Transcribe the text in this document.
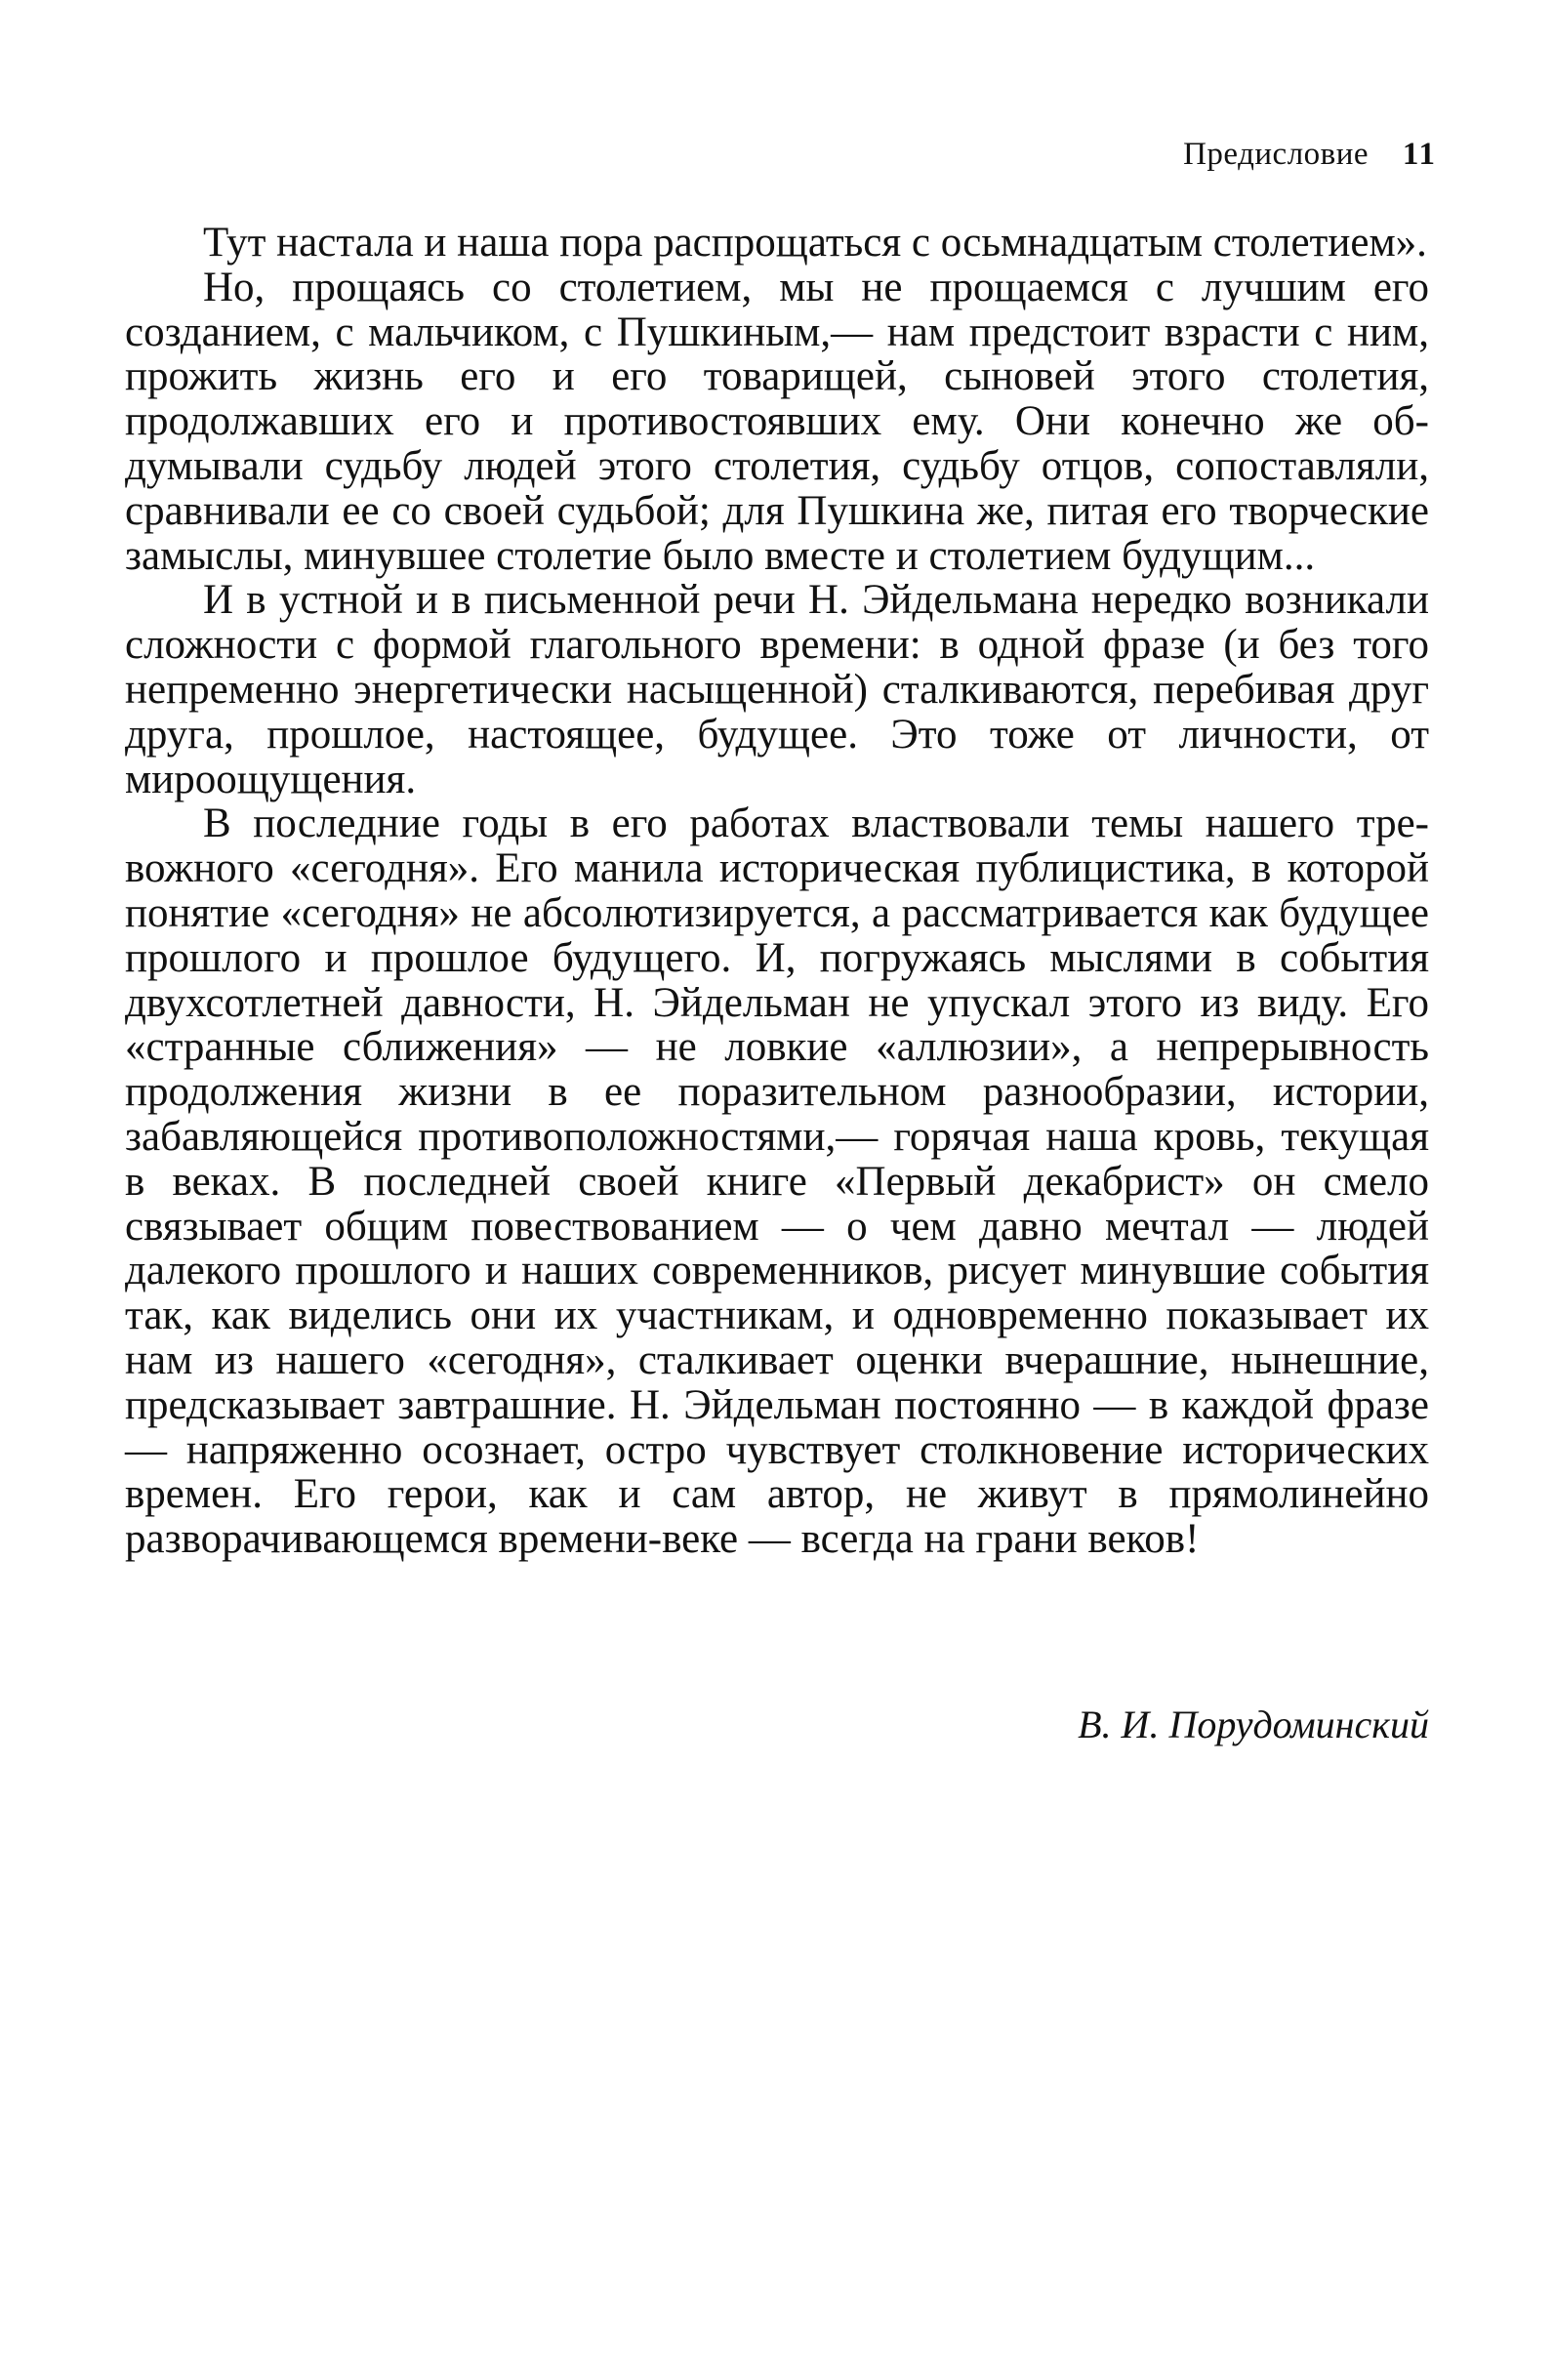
Предисловие 11

Тут настала и наша пора распрощаться с осьмнадцатым столетием».

Но, прощаясь со столетием, мы не прощаемся с лучшим его созданием, с мальчиком, с Пушкиным,— нам предстоит взрасти с ним, прожить жизнь его и его товарищей, сыновей этого столетия, продолжавших его и противостоявших ему. Они конечно же обдумывали судьбу людей этого столетия, судьбу отцов, сопоставляли, сравнивали ее со своей судьбой; для Пушкина же, питая его творческие замыслы, минувшее столетие было вместе и столетием будущим...

И в устной и в письменной речи Н. Эйдельмана нередко возникали сложности с формой глагольного времени: в одной фразе (и без того непременно энергетически насыщенной) сталкиваются, перебивая друг друга, прошлое, настоящее, будущее. Это тоже от личности, от мироощущения.

В последние годы в его работах властвовали темы нашего тревожного «сегодня». Его манила историческая публицистика, в которой понятие «сегодня» не абсолютизируется, а рассматривается как будущее прошлого и прошлое будущего. И, погружаясь мыслями в события двухсотлетней давности, Н. Эйдельман не упускал этого из виду. Его «странные сближения» — не ловкие «аллюзии», а непрерывность продолжения жизни в ее поразительном разнообразии, истории, забавляющейся противоположностями,— горячая наша кровь, текущая в веках. В последней своей книге «Первый декабрист» он смело связывает общим повествованием — о чем давно мечтал — людей далекого прошлого и наших современников, рисует минувшие события так, как виделись они их участникам, и одновременно показывает их нам из нашего «сегодня», сталкивает оценки вчерашние, нынешние, предсказывает завтрашние. Н. Эйдельман постоянно — в каждой фразе — напряженно осознает, остро чувствует столкновение исторических времен. Его герои, как и сам автор, не живут в прямолинейно разворачивающемся времени-веке — всегда на грани веков!

В. И. Порудоминский
